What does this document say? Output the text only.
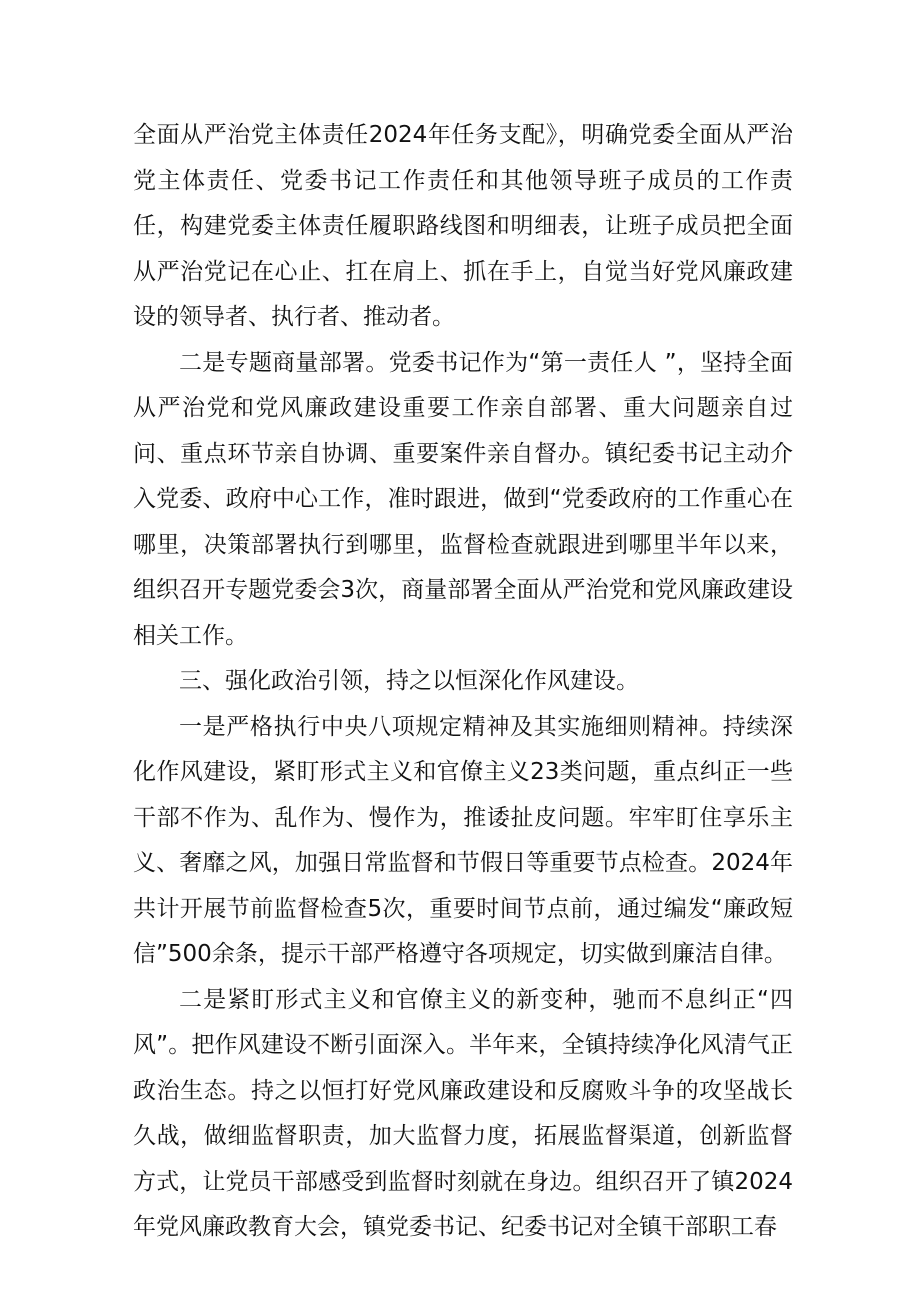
全面从严治党主体责任2024年任务支配》，明确党委全面从严治党主体责任、党委书记工作责任和其他领导班子成员的工作责任，构建党委主体责任履职路线图和明细表，让班子成员把全面从严治党记在心止、扛在肩上、抓在手上，自觉当好党风廉政建设的领导者、执行者、推动者。

二是专题商量部署。党委书记作为“第一责任人 ”，坚持全面从严治党和党风廉政建设重要工作亲自部署、重大问题亲自过问、重点环节亲自协调、重要案件亲自督办。镇纪委书记主动介入党委、政府中心工作，准时跟进，做到“党委政府的工作重心在哪里，决策部署执行到哪里，监督检查就跟进到哪里半年以来，组织召开专题党委会3次，商量部署全面从严治党和党风廉政建设相关工作。

三、强化政治引领，持之以恒深化作风建设。

一是严格执行中央八项规定精神及其实施细则精神。持续深化作风建设，紧盯形式主义和官僚主义23类问题，重点纠正一些干部不作为、乱作为、慢作为，推诿扯皮问题。牢牢盯住享乐主义、奢靡之风，加强日常监督和节假日等重要节点检查。2024年共计开展节前监督检查5次，重要时间节点前，通过编发“廉政短信”500余条，提示干部严格遵守各项规定，切实做到廉洁自律。

二是紧盯形式主义和官僚主义的新变种，驰而不息纠正“四风”。把作风建设不断引面深入。半年来，全镇持续净化风清气正政治生态。持之以恒打好党风廉政建设和反腐败斗争的攻坚战长久战，做细监督职责，加大监督力度，拓展监督渠道，创新监督方式，让党员干部感受到监督时刻就在身边。组织召开了镇2024年党风廉政教育大会，镇党委书记、纪委书记对全镇干部职工春
